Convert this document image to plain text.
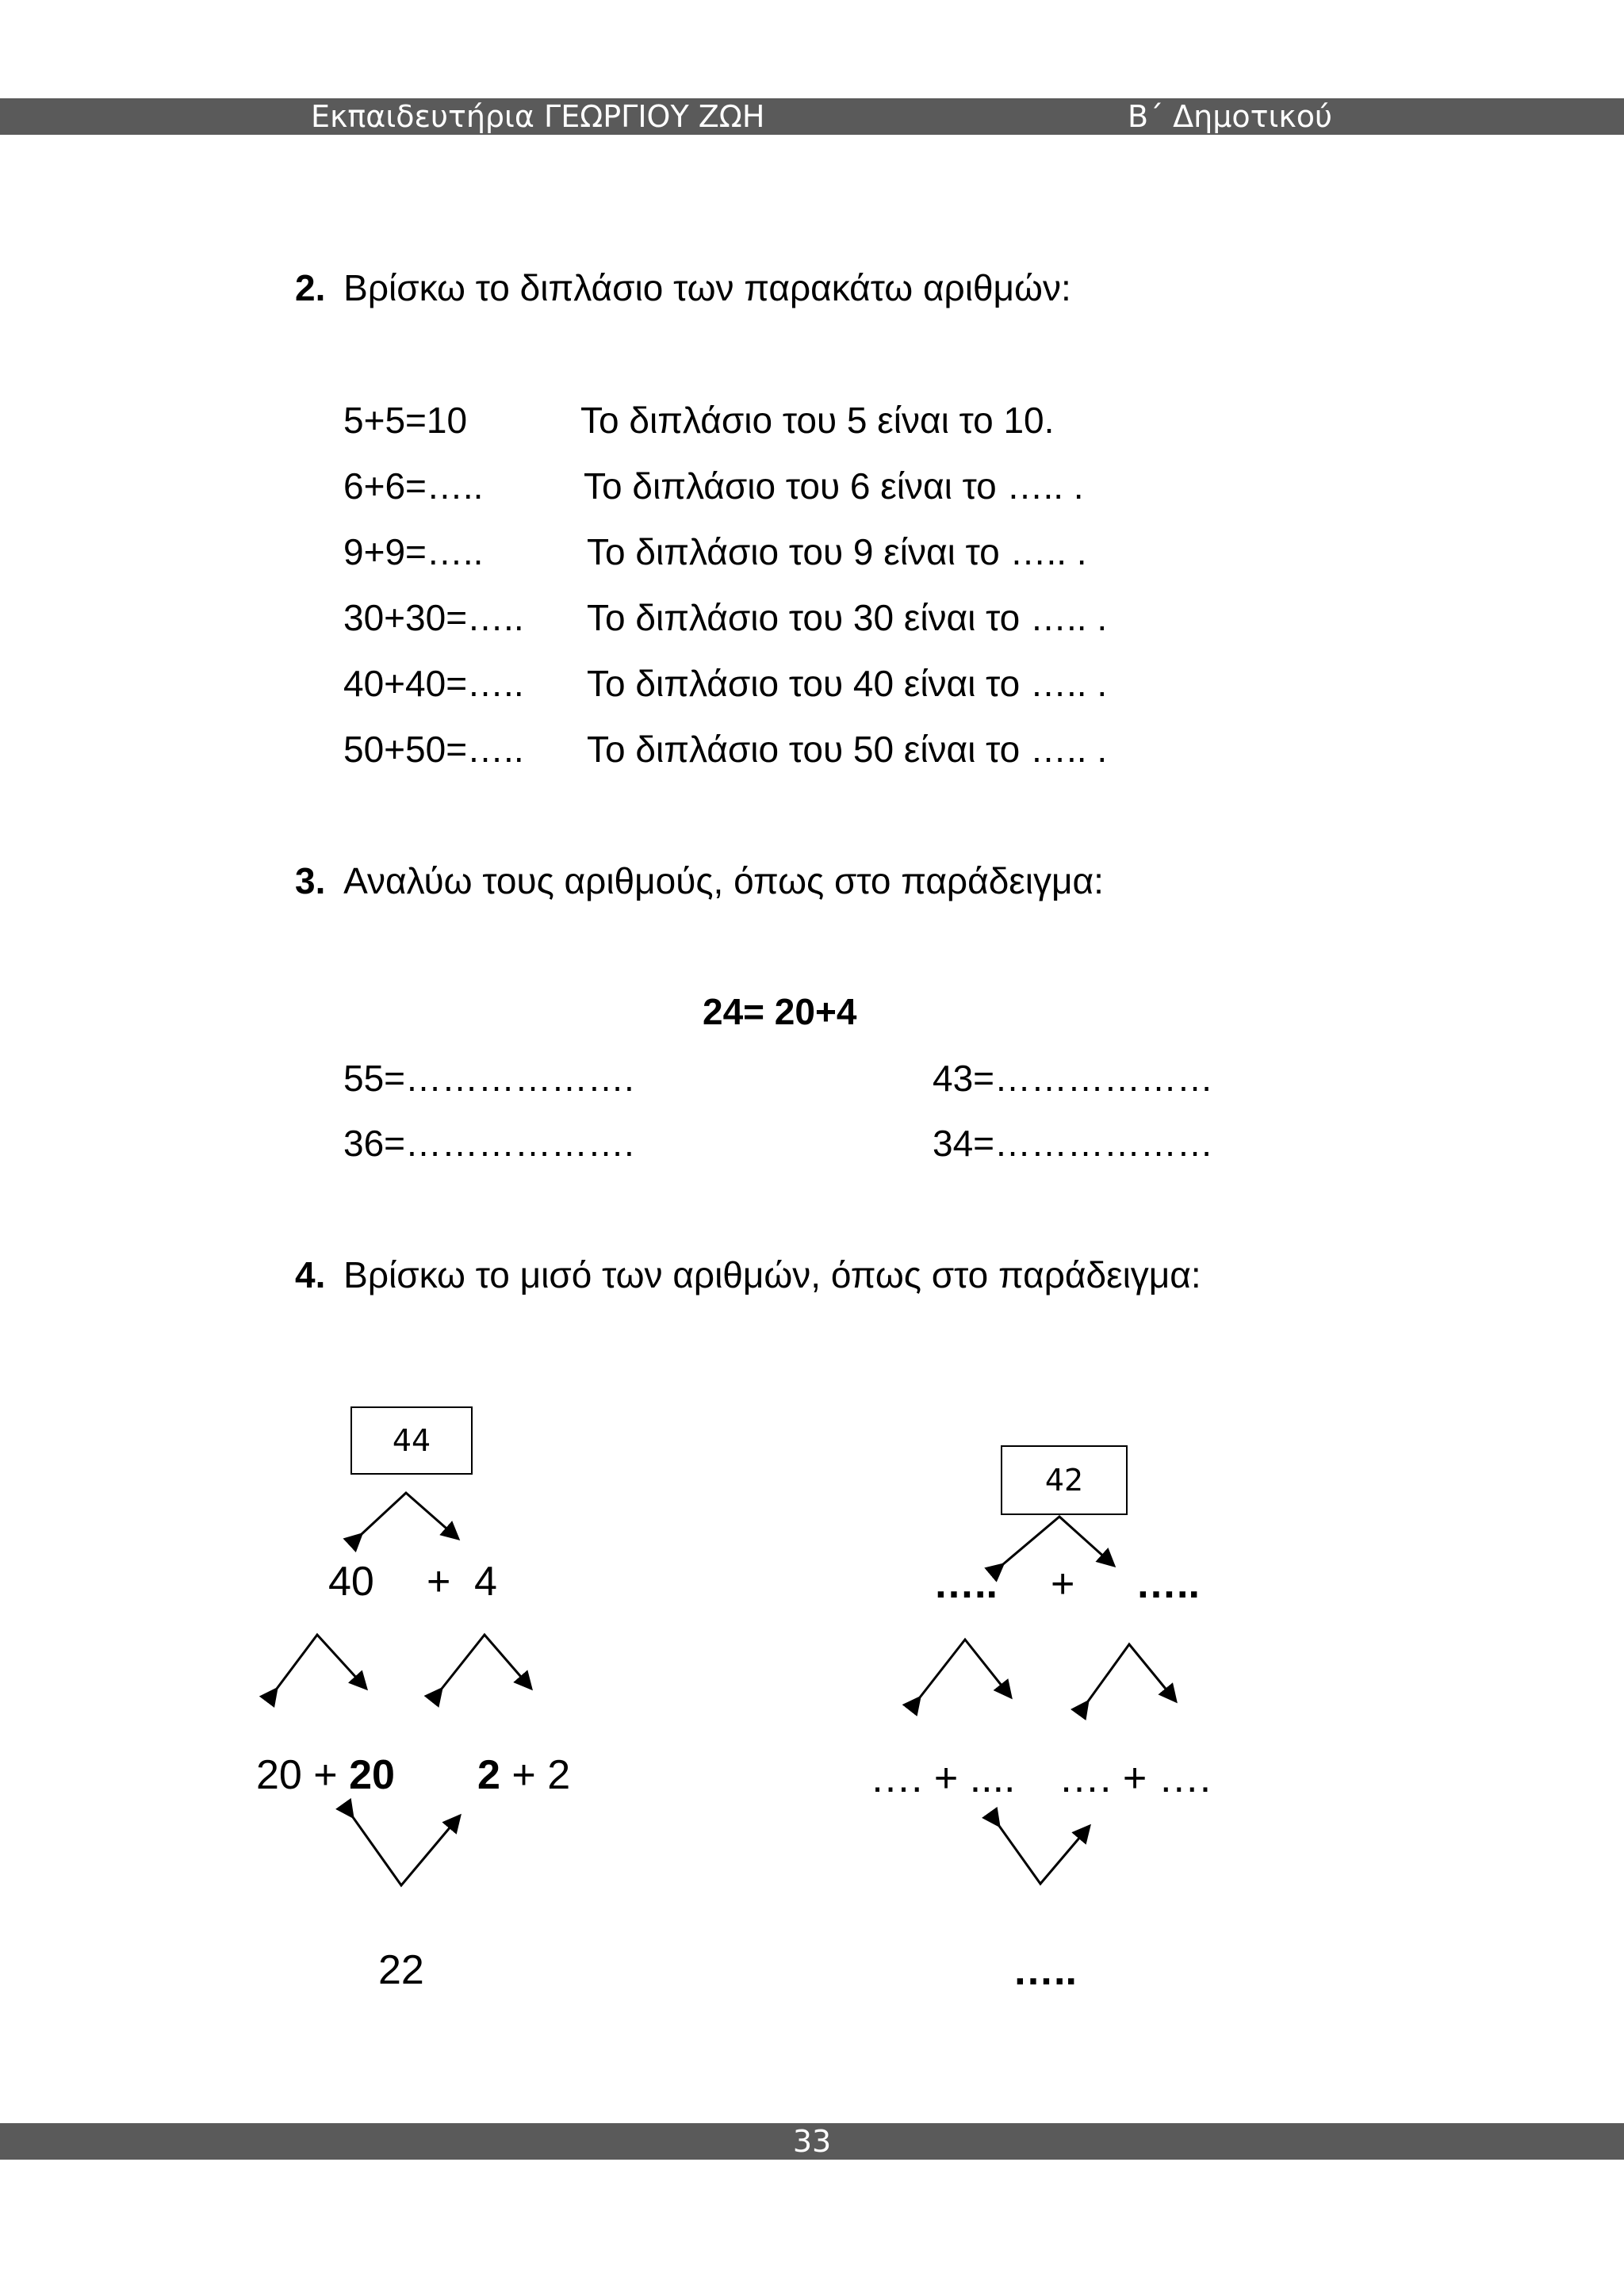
Εκπαιδευτήρια ΓΕΩΡΓΙΟΥ ΖΩΗ	Β΄ Δημοτικού
2. Βρίσκω το διπλάσιο των παρακάτω αριθμών:
5+5=10	Το διπλάσιο του 5 είναι το 10.
6+6=…..	Το διπλάσιο του 6 είναι το ….. .
9+9=…..	Το διπλάσιο του 9 είναι το ….. .
30+30=….. Το διπλάσιο του 30 είναι το ….. .
40+40=….. Το διπλάσιο του 40 είναι το ….. .
50+50=….. Το διπλάσιο του 50 είναι το ….. .
3. Αναλύω τους αριθμούς, όπως στο παράδειγμα:
24= 20+4
55=……………….	43=………………
36=……………….	34=………………
4. Βρίσκω το μισό των αριθμών, όπως στο παράδειγμα:
44
40 + 4
20 + 20 2 + 2
22
42
….. + …..
…. + .... …. + ….
…..
33
